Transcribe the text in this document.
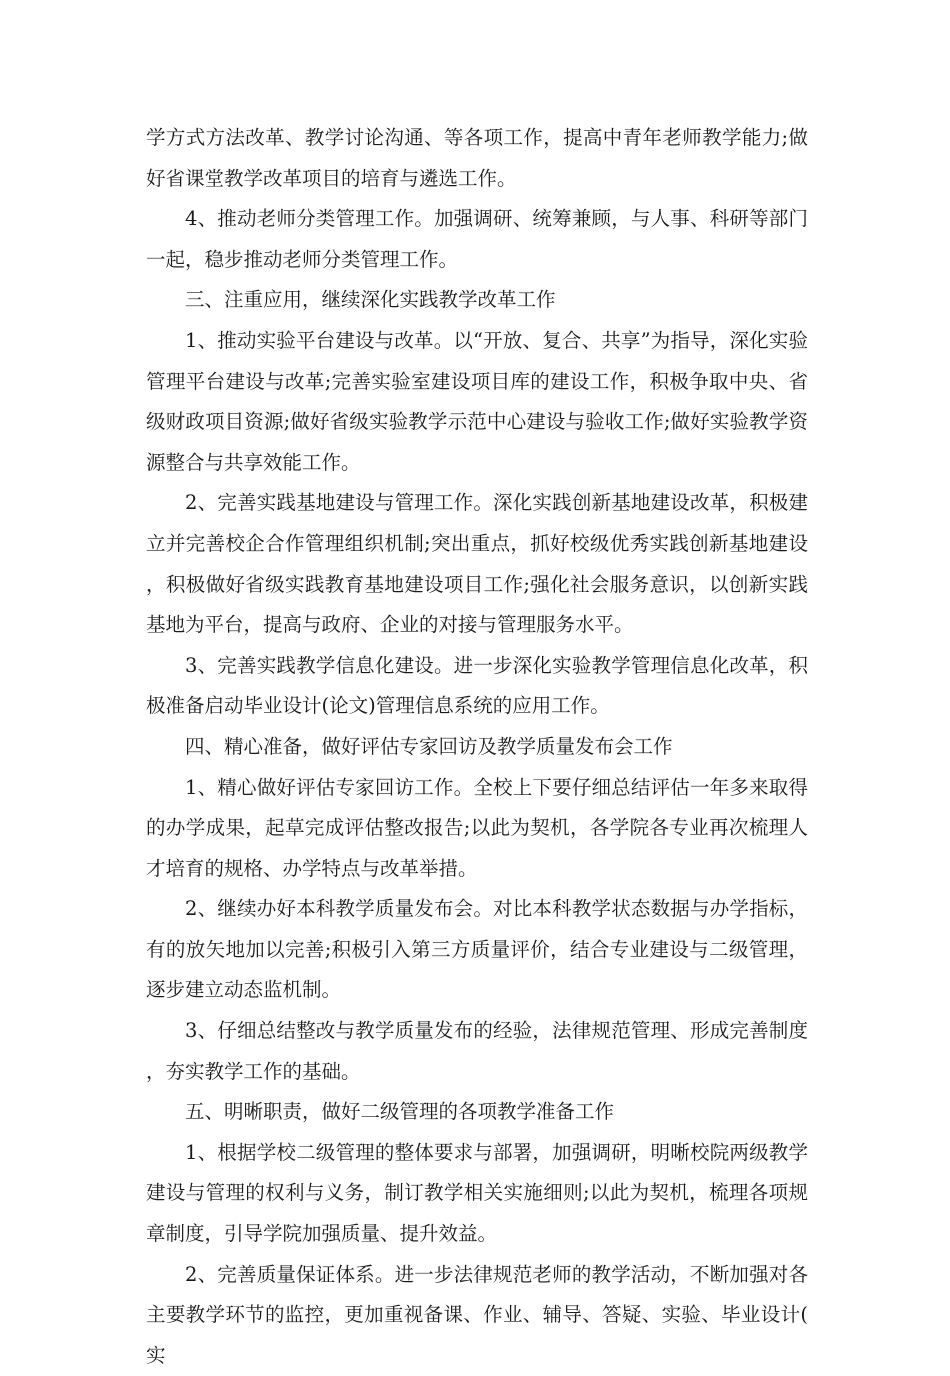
学方式方法改革、教学讨论沟通、等各项工作，提高中青年老师教学能力;做好省课堂教学改革项目的培育与遴选工作。

4、推动老师分类管理工作。加强调研、统筹兼顾，与人事、科研等部门一起，稳步推动老师分类管理工作。

三、注重应用，继续深化实践教学改革工作

1、推动实验平台建设与改革。以“开放、复合、共享”为指导，深化实验管理平台建设与改革;完善实验室建设项目库的建设工作，积极争取中央、省级财政项目资源;做好省级实验教学示范中心建设与验收工作;做好实验教学资源整合与共享效能工作。

2、完善实践基地建设与管理工作。深化实践创新基地建设改革，积极建立并完善校企合作管理组织机制;突出重点，抓好校级优秀实践创新基地建设，积极做好省级实践教育基地建设项目工作;强化社会服务意识，以创新实践基地为平台，提高与政府、企业的对接与管理服务水平。

3、完善实践教学信息化建设。进一步深化实验教学管理信息化改革，积极准备启动毕业设计(论文)管理信息系统的应用工作。

四、精心准备，做好评估专家回访及教学质量发布会工作

1、精心做好评估专家回访工作。全校上下要仔细总结评估一年多来取得的办学成果，起草完成评估整改报告;以此为契机，各学院各专业再次梳理人才培育的规格、办学特点与改革举措。

2、继续办好本科教学质量发布会。对比本科教学状态数据与办学指标，有的放矢地加以完善;积极引入第三方质量评价，结合专业建设与二级管理，逐步建立动态监机制。

3、仔细总结整改与教学质量发布的经验，法律规范管理、形成完善制度，夯实教学工作的基础。

五、明晰职责，做好二级管理的各项教学准备工作

1、根据学校二级管理的整体要求与部署，加强调研，明晰校院两级教学建设与管理的权利与义务，制订教学相关实施细则;以此为契机，梳理各项规章制度，引导学院加强质量、提升效益。

2、完善质量保证体系。进一步法律规范老师的教学活动，不断加强对各主要教学环节的监控，更加重视备课、作业、辅导、答疑、实验、毕业设计(实
